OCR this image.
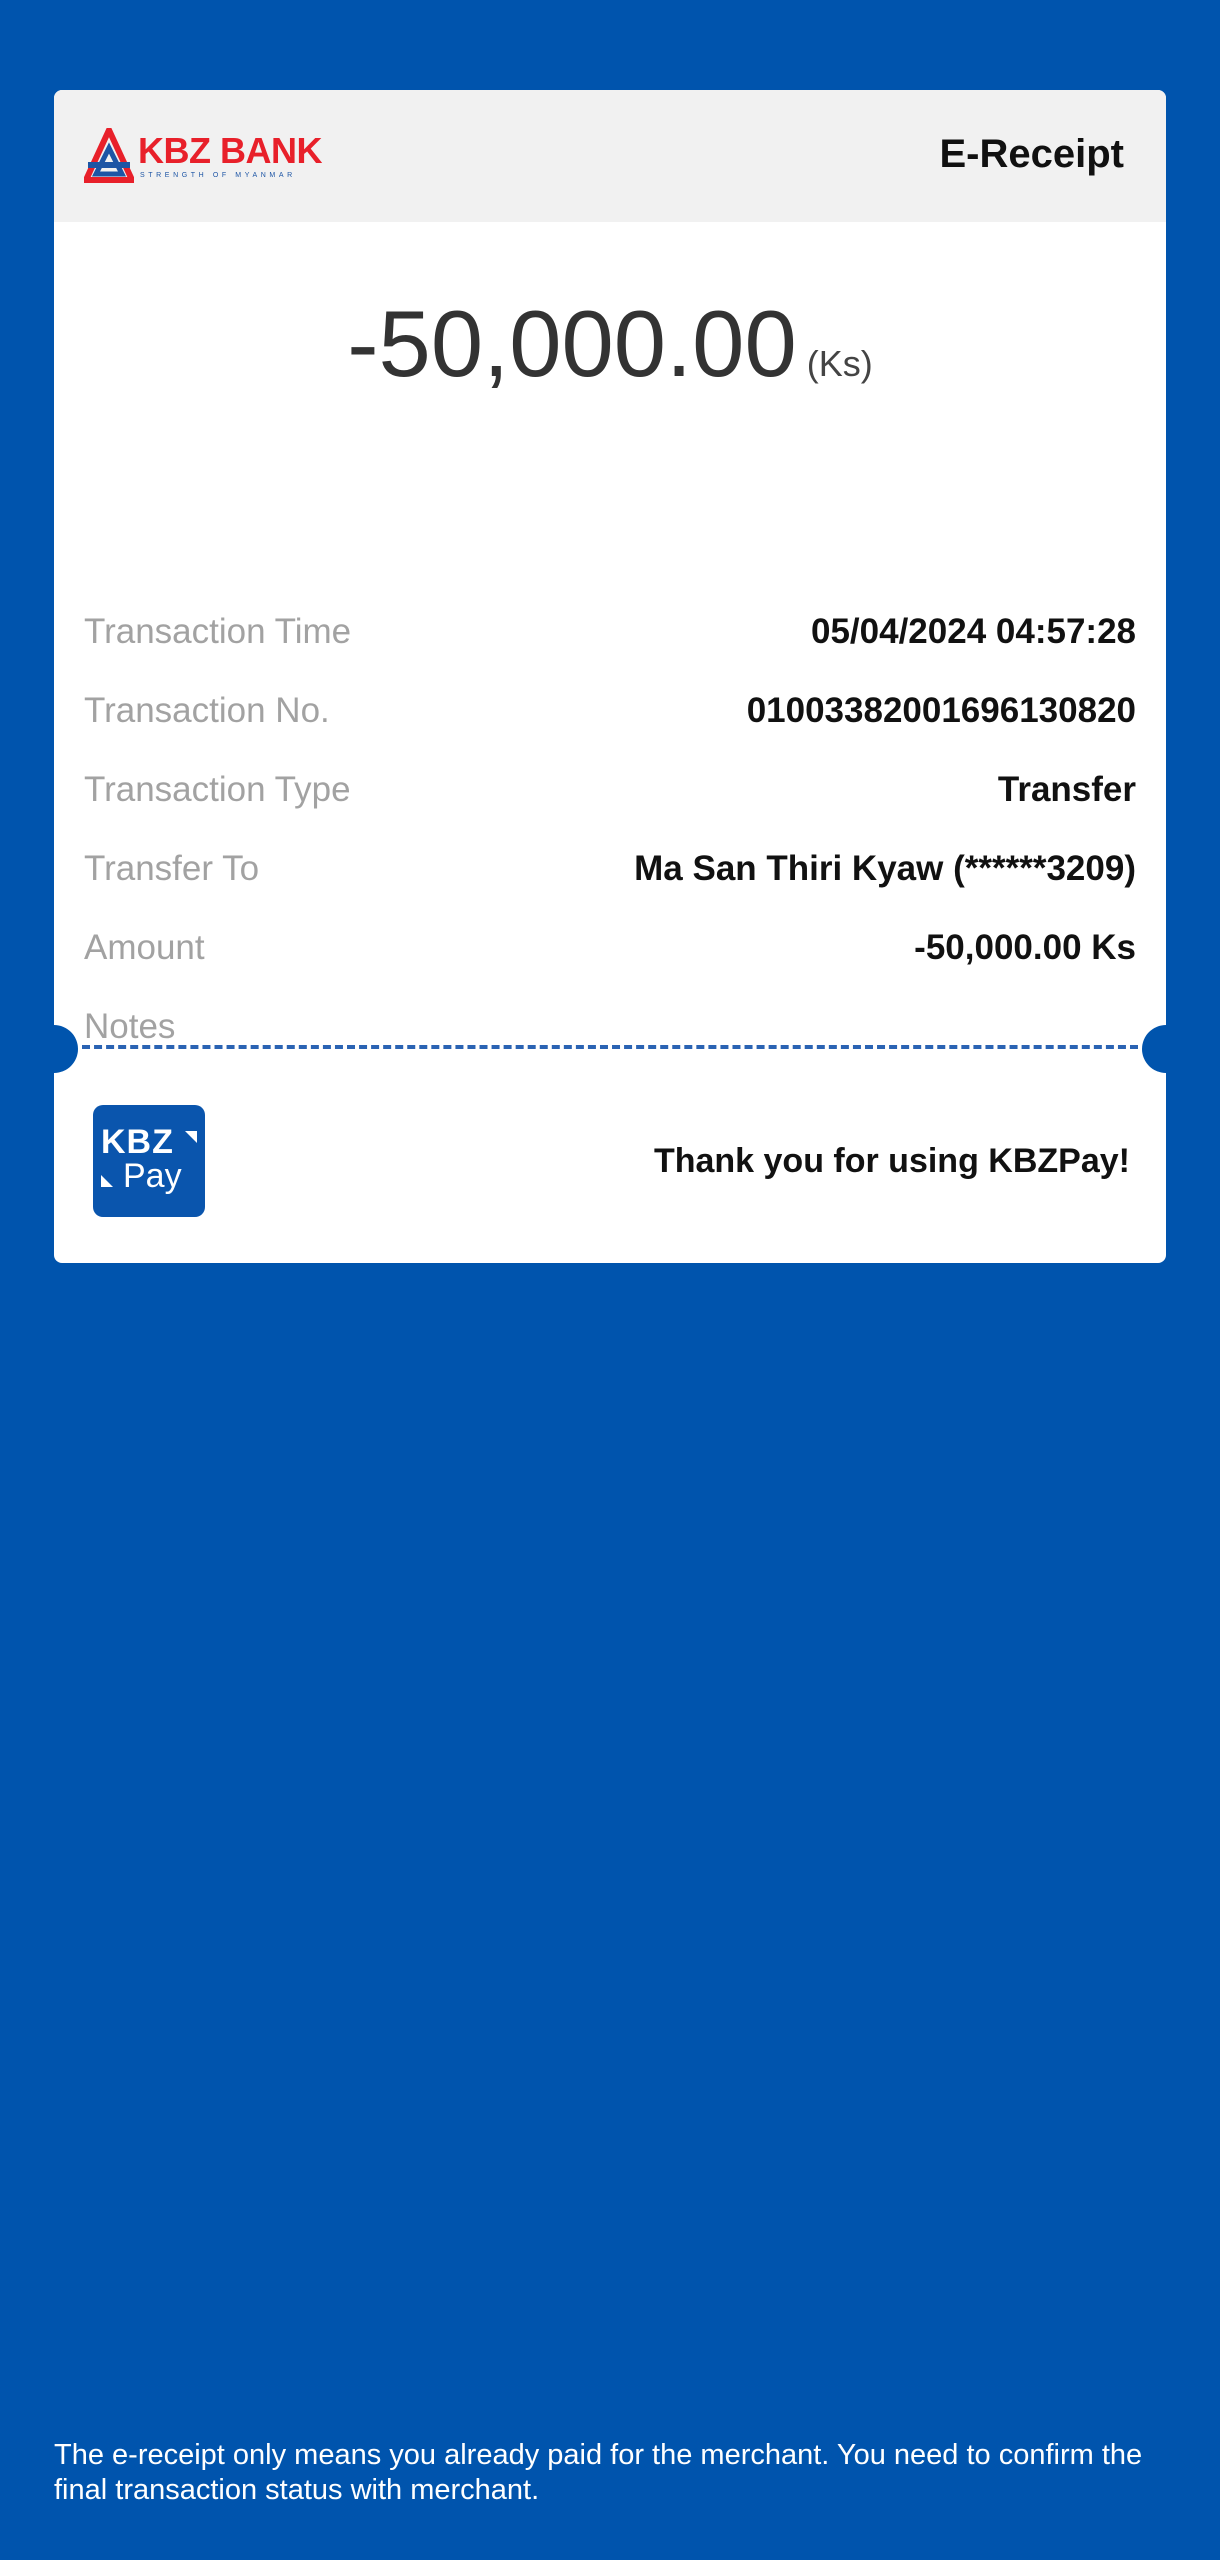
KBZ BANK
STRENGTH OF MYANMAR	E-Receipt
-50,000.00 (Ks)
Transaction Time	05/04/2024 04:57:28
Transaction No.	01003382001696130820
Transaction Type	Transfer
Transfer To	Ma San Thiri Kyaw (******3209)
Amount	-50,000.00 Ks
Notes
KBZ
Pay	Thank you for using KBZPay!
The e-receipt only means you already paid for the merchant. You need to confirm the final transaction status with merchant.
